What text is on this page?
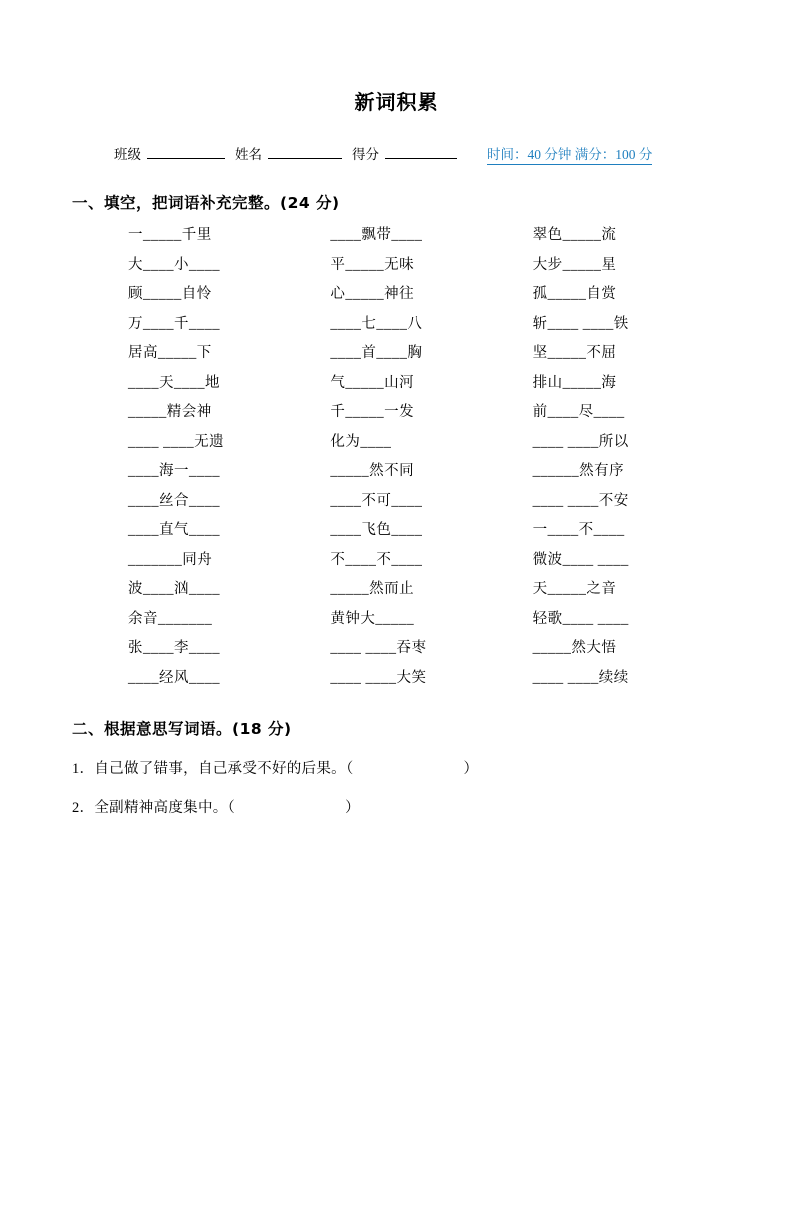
新词积累
班级	姓名	得分	时间：40 分钟 满分：100 分
一、填空，把词语补充完整。(24 分)
一_____千里	____飘带____	翠色_____流
大____小____	平_____无味	大步_____星
顾_____自怜	心_____神往	孤_____自赏
万____千____	____七____八	斩____ ____铁
居高_____下	____首____胸	坚_____不屈
____天____地	气_____山河	排山_____海
_____精会神	千_____一发	前____尽____
____ ____无遗	化为____	____ ____所以
____海一____	_____然不同	______然有序
____丝合____	____不可____	____ ____不安
____直气____	____飞色____	一____不____
_______同舟	不____不____	微波____ ____
波____汹____	_____然而止	天_____之音
余音_______	黄钟大_____	轻歌____ ____
张____李____	____ ____吞枣	_____然大悟
____经风____	____ ____大笑	____ ____续续
二、根据意思写词语。(18 分)
1．自己做了错事，自己承受不好的后果。（	）
2．全副精神高度集中。（	）
